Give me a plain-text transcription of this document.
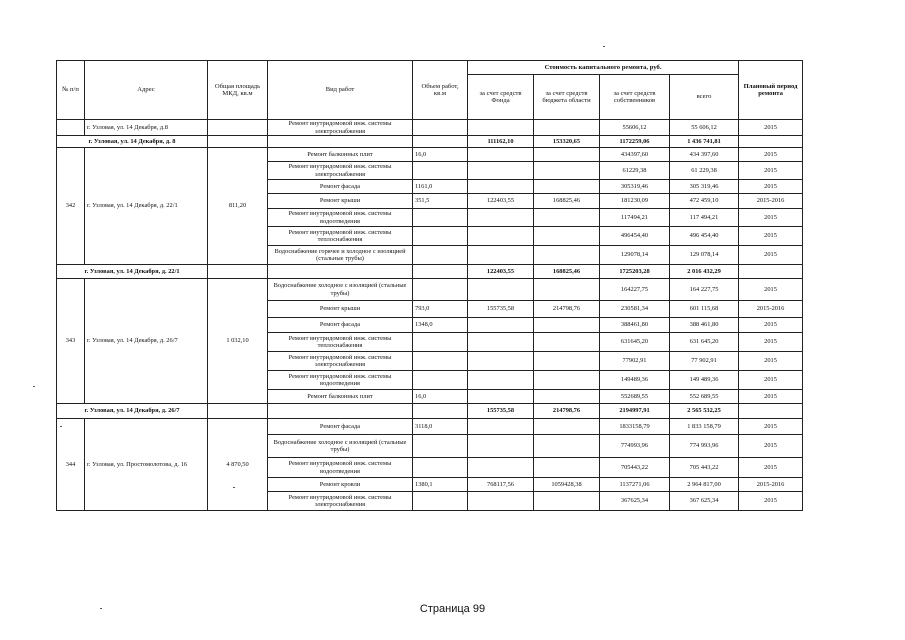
№ п/п	Адрес	Общая площадь МКД, кв.м	Вид работ	Объем работ, кв.м	Стоимость капитального ремонта, руб.				Плановый период ремонта
					за счет средств Фонда	за счет средств бюджета области	за счет средств собственников	всего	
	г. Узловая, ул. 14 Декабря, д.8		Ремонт внутридомовой инж. системы электроснабжения				55606,12	55 606,12	2015
г. Узловая, ул. 14 Декабря, д. 8					111162,10	153320,65	1172259,06	1 436 741,81	
342	г. Узловая, ул. 14 Декабря, д. 22/1	811,20	Ремонт балконных плит	16,0			434397,60	434 397,60	2015
			Ремонт внутридомовой инж. системы электроснабжения				61229,38	61 229,38	2015
			Ремонт фасада	1161,0			305319,46	305 319,46	2015
			Ремонт крыши	351,5	122403,55	168825,46	181230,09	472 459,10	2015-2016
			Ремонт внутридомовой инж. системы водоотведения				117494,21	117 494,21	2015
			Ремонт внутридомовой инж. системы теплоснабжения				496454,40	496 454,40	2015
			Водоснабжение горячее и холодное с изоляцией (стальные трубы)				129078,14	129 078,14	2015
г. Узловая, ул. 14 Декабря, д. 22/1					122403,55	168825,46	1725203,28	2 016 432,29	
343	г. Узловая, ул. 14 Декабря, д. 26/7	1 032,10	Водоснабжение холодное с изоляцией (стальные трубы)				164227,75	164 227,75	2015
			Ремонт крыши	793,0	155735,58	214798,76	230581,34	601 115,68	2015-2016
			Ремонт фасада	1348,0			388461,80	388 461,80	2015
			Ремонт внутридомовой инж. системы теплоснабжения				631645,20	631 645,20	2015
			Ремонт внутридомовой инж. системы электроснабжения				77902,91	77 902,91	2015
			Ремонт внутридомовой инж. системы водоотведения				149489,36	149 489,36	2015
			Ремонт балконных плит	16,0			552689,55	552 689,55	2015
г. Узловая, ул. 14 Декабря, д. 26/7					155735,58	214798,76	2194997,91	2 565 532,25	
344	г. Узловая, ул. Простомолотова, д. 16	4 870,50	Ремонт фасада	3118,0			1833158,79	1 833 158,79	2015
			Водоснабжение холодное с изоляцией (стальные трубы)				774993,96	774 993,96	2015
			Ремонт внутридомовой инж. системы водоотведения				705443,22	705 443,22	2015
			Ремонт кровли	1380,1	768117,56	1059428,38	1137271,06	2 964 817,00	2015-2016
			Ремонт внутридомовой инж. системы электроснабжения				367625,34	367 625,34	2015
Страница 99
